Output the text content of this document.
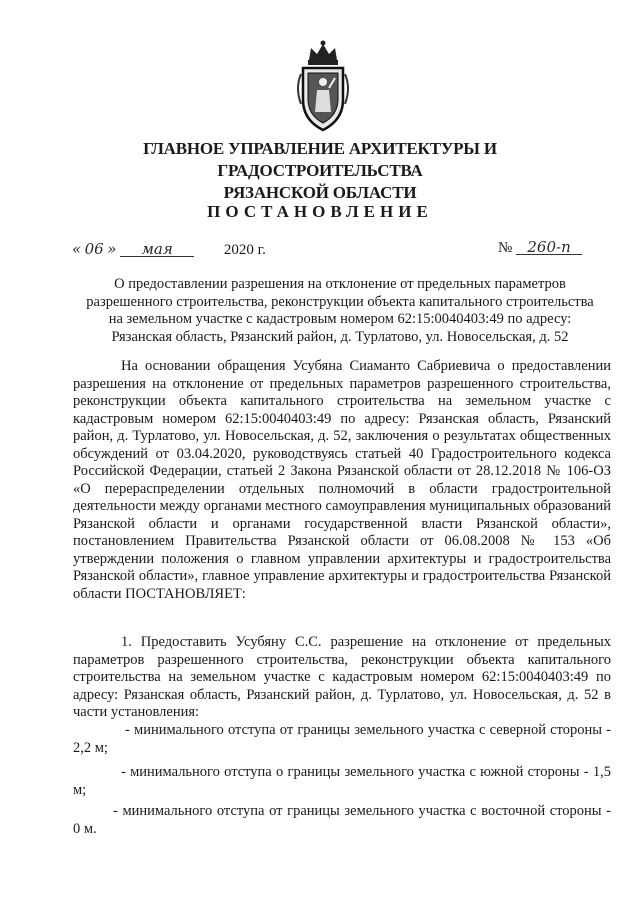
ГЛАВНОЕ УПРАВЛЕНИЕ АРХИТЕКТУРЫ И ГРАДОСТРОИТЕЛЬСТВА
РЯЗАНСКОЙ ОБЛАСТИ
ПОСТАНОВЛЕНИЕ
« 06 » мая	2020 г.	№ 260-п
О предоставлении разрешения на отклонение от предельных параметров
разрешенного строительства, реконструкции объекта капитального строительства
на земельном участке с кадастровым номером 62:15:0040403:49 по адресу:
Рязанская область, Рязанский район, д. Турлатово, ул. Новосельская, д. 52

На основании обращения Усубяна Сиаманто Сабриевича о предоставлении разрешения на отклонение от предельных параметров разрешенного строительства, реконструкции объекта капитального строительства на земельном участке с кадастровым номером 62:15:0040403:49 по адресу: Рязанская область, Рязанский район, д. Турлатово, ул. Новосельская, д. 52, заключения о результатах общественных обсуждений от 03.04.2020, руководствуясь статьей 40 Градостроительного кодекса Российской Федерации, статьей 2 Закона Рязанской области от 28.12.2018 № 106-ОЗ «О перераспределении отдельных полномочий в области градостроительной деятельности между органами местного самоуправления муниципальных образований Рязанской области и органами государственной власти Рязанской области», постановлением Правительства Рязанской области от 06.08.2008 № 153 «Об утверждении положения о главном управлении архитектуры и градостроительства Рязанской области», главное управление архитектуры и градостроительства Рязанской области ПОСТАНОВЛЯЕТ:

1. Предоставить Усубяну С.С. разрешение на отклонение от предельных параметров разрешенного строительства, реконструкции объекта капитального строительства на земельном участке с кадастровым номером 62:15:0040403:49 по адресу: Рязанская область, Рязанский район, д. Турлатово, ул. Новосельская, д. 52 в части установления:

- минимального отступа от границы земельного участка с северной стороны - 2,2 м;

- минимального отступа о границы земельного участка с южной стороны - 1,5 м;

- минимального отступа от границы земельного участка с восточной стороны - 0 м.
